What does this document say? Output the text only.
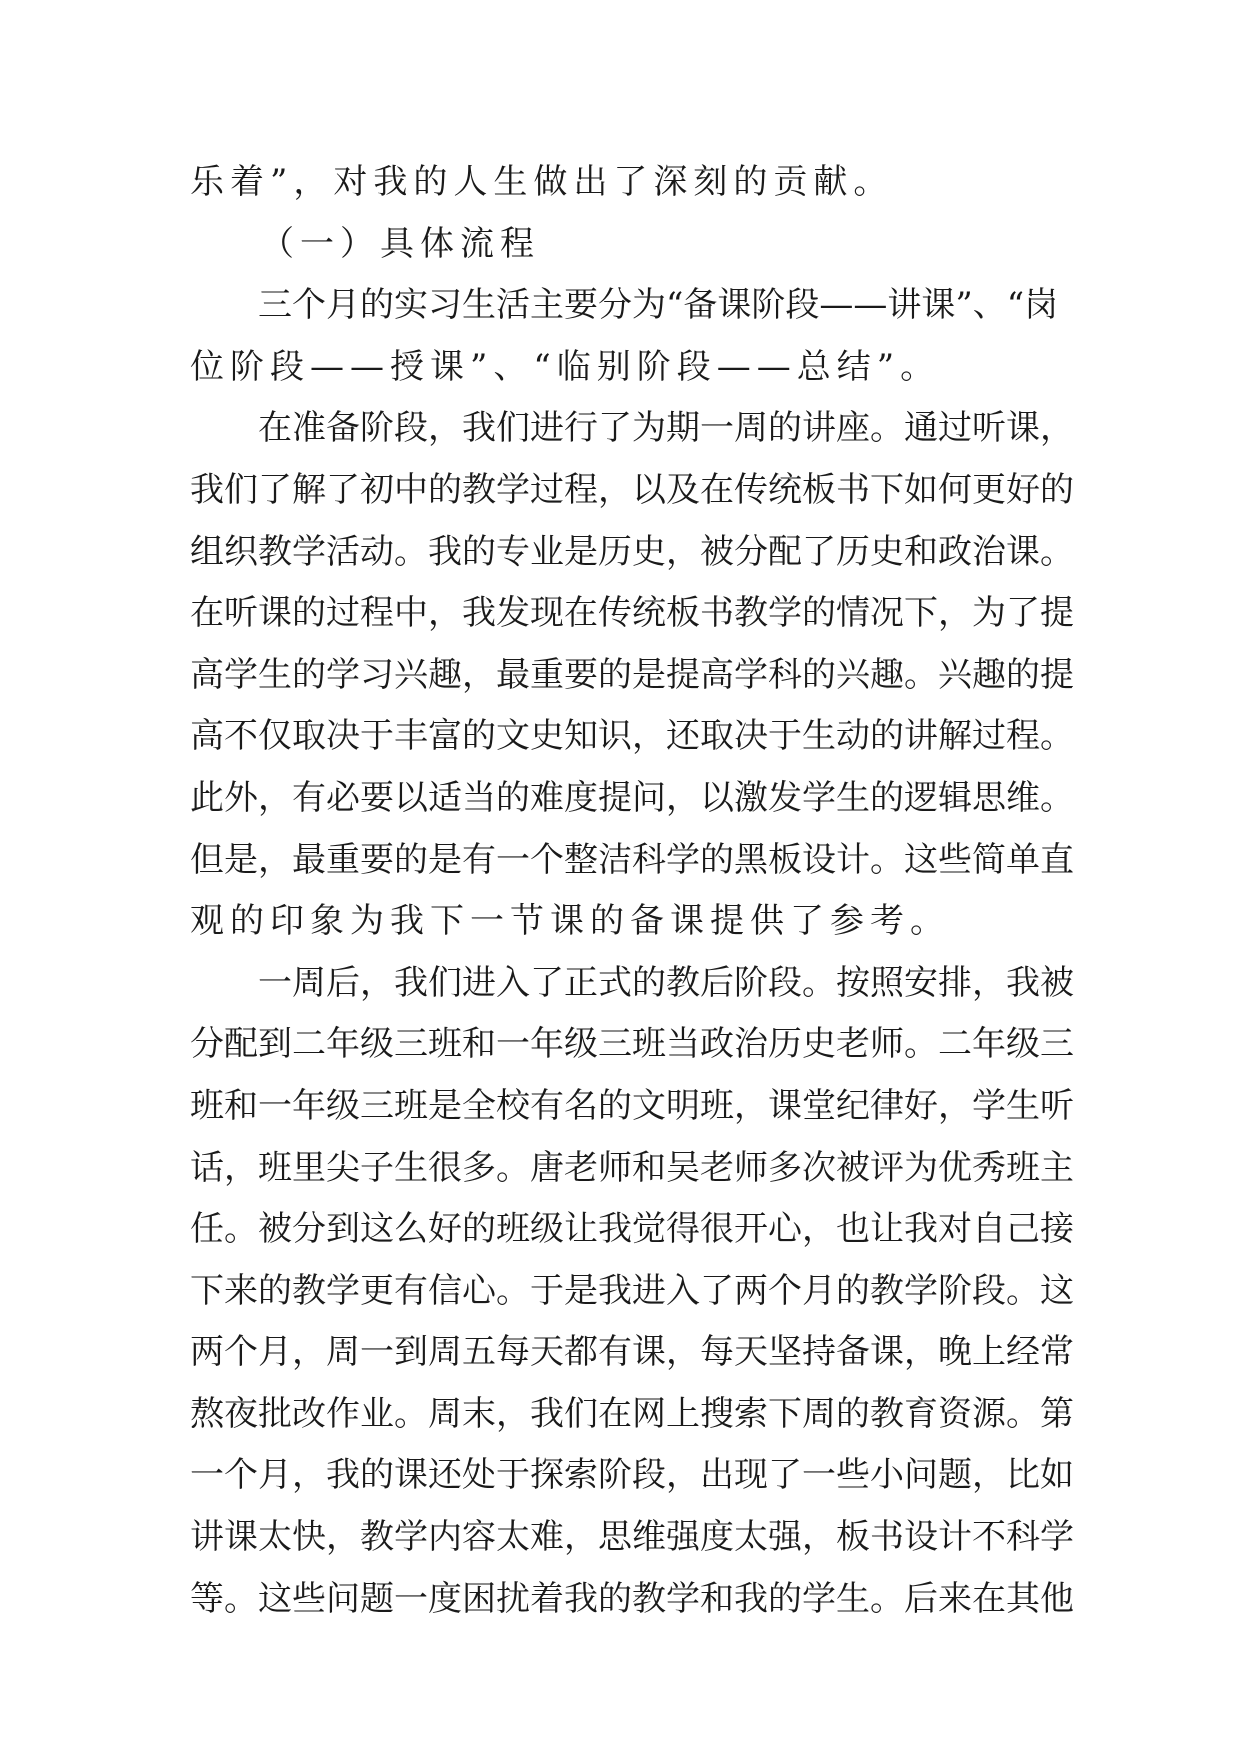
乐着”，对我的人生做出了深刻的贡献。
（一）具体流程
三 个 月 的 实 习 生 活 主 要 分 为 “ 备 课 阶 段 — — 讲 课 ” 、 “ 岗
位阶段——授课”、“临别阶段——总结”。
在 准 备 阶 段 ， 我 们 进 行 了 为 期 一 周 的 讲 座 。 通 过 听 课 ，
我 们 了 解 了 初 中 的 教 学 过 程 ， 以 及 在 传 统 板 书 下 如 何 更 好 的
组 织 教 学 活 动 。 我 的 专 业 是 历 史 ， 被 分 配 了 历 史 和 政 治 课 。
在 听 课 的 过 程 中 ， 我 发 现 在 传 统 板 书 教 学 的 情 况 下 ， 为 了 提
高 学 生 的 学 习 兴 趣 ， 最 重 要 的 是 提 高 学 科 的 兴 趣 。 兴 趣 的 提
高 不 仅 取 决 于 丰 富 的 文 史 知 识 ， 还 取 决 于 生 动 的 讲 解 过 程 。
此 外 ， 有 必 要 以 适 当 的 难 度 提 问 ， 以 激 发 学 生 的 逻 辑 思 维 。
但 是 ， 最 重 要 的 是 有 一 个 整 洁 科 学 的 黑 板 设 计 。 这 些 简 单 直
观的印象为我下一节课的备课提供了参考。
一 周 后 ， 我 们 进 入 了 正 式 的 教 后 阶 段 。 按 照 安 排 ， 我 被
分 配 到 二 年 级 三 班 和 一 年 级 三 班 当 政 治 历 史 老 师 。 二 年 级 三
班 和 一 年 级 三 班 是 全 校 有 名 的 文 明 班 ， 课 堂 纪 律 好 ， 学 生 听
话 ， 班 里 尖 子 生 很 多 。 唐 老 师 和 吴 老 师 多 次 被 评 为 优 秀 班 主
任 。 被 分 到 这 么 好 的 班 级 让 我 觉 得 很 开 心 ， 也 让 我 对 自 己 接
下 来 的 教 学 更 有 信 心 。 于 是 我 进 入 了 两 个 月 的 教 学 阶 段 。 这
两 个 月 ， 周 一 到 周 五 每 天 都 有 课 ， 每 天 坚 持 备 课 ， 晚 上 经 常
熬 夜 批 改 作 业 。 周 末 ， 我 们 在 网 上 搜 索 下 周 的 教 育 资 源 。 第
一 个 月 ， 我 的 课 还 处 于 探 索 阶 段 ， 出 现 了 一 些 小 问 题 ， 比 如
讲 课 太 快 ， 教 学 内 容 太 难 ， 思 维 强 度 太 强 ， 板 书 设 计 不 科 学
等 。 这 些 问 题 一 度 困 扰 着 我 的 教 学 和 我 的 学 生 。 后 来 在 其 他
